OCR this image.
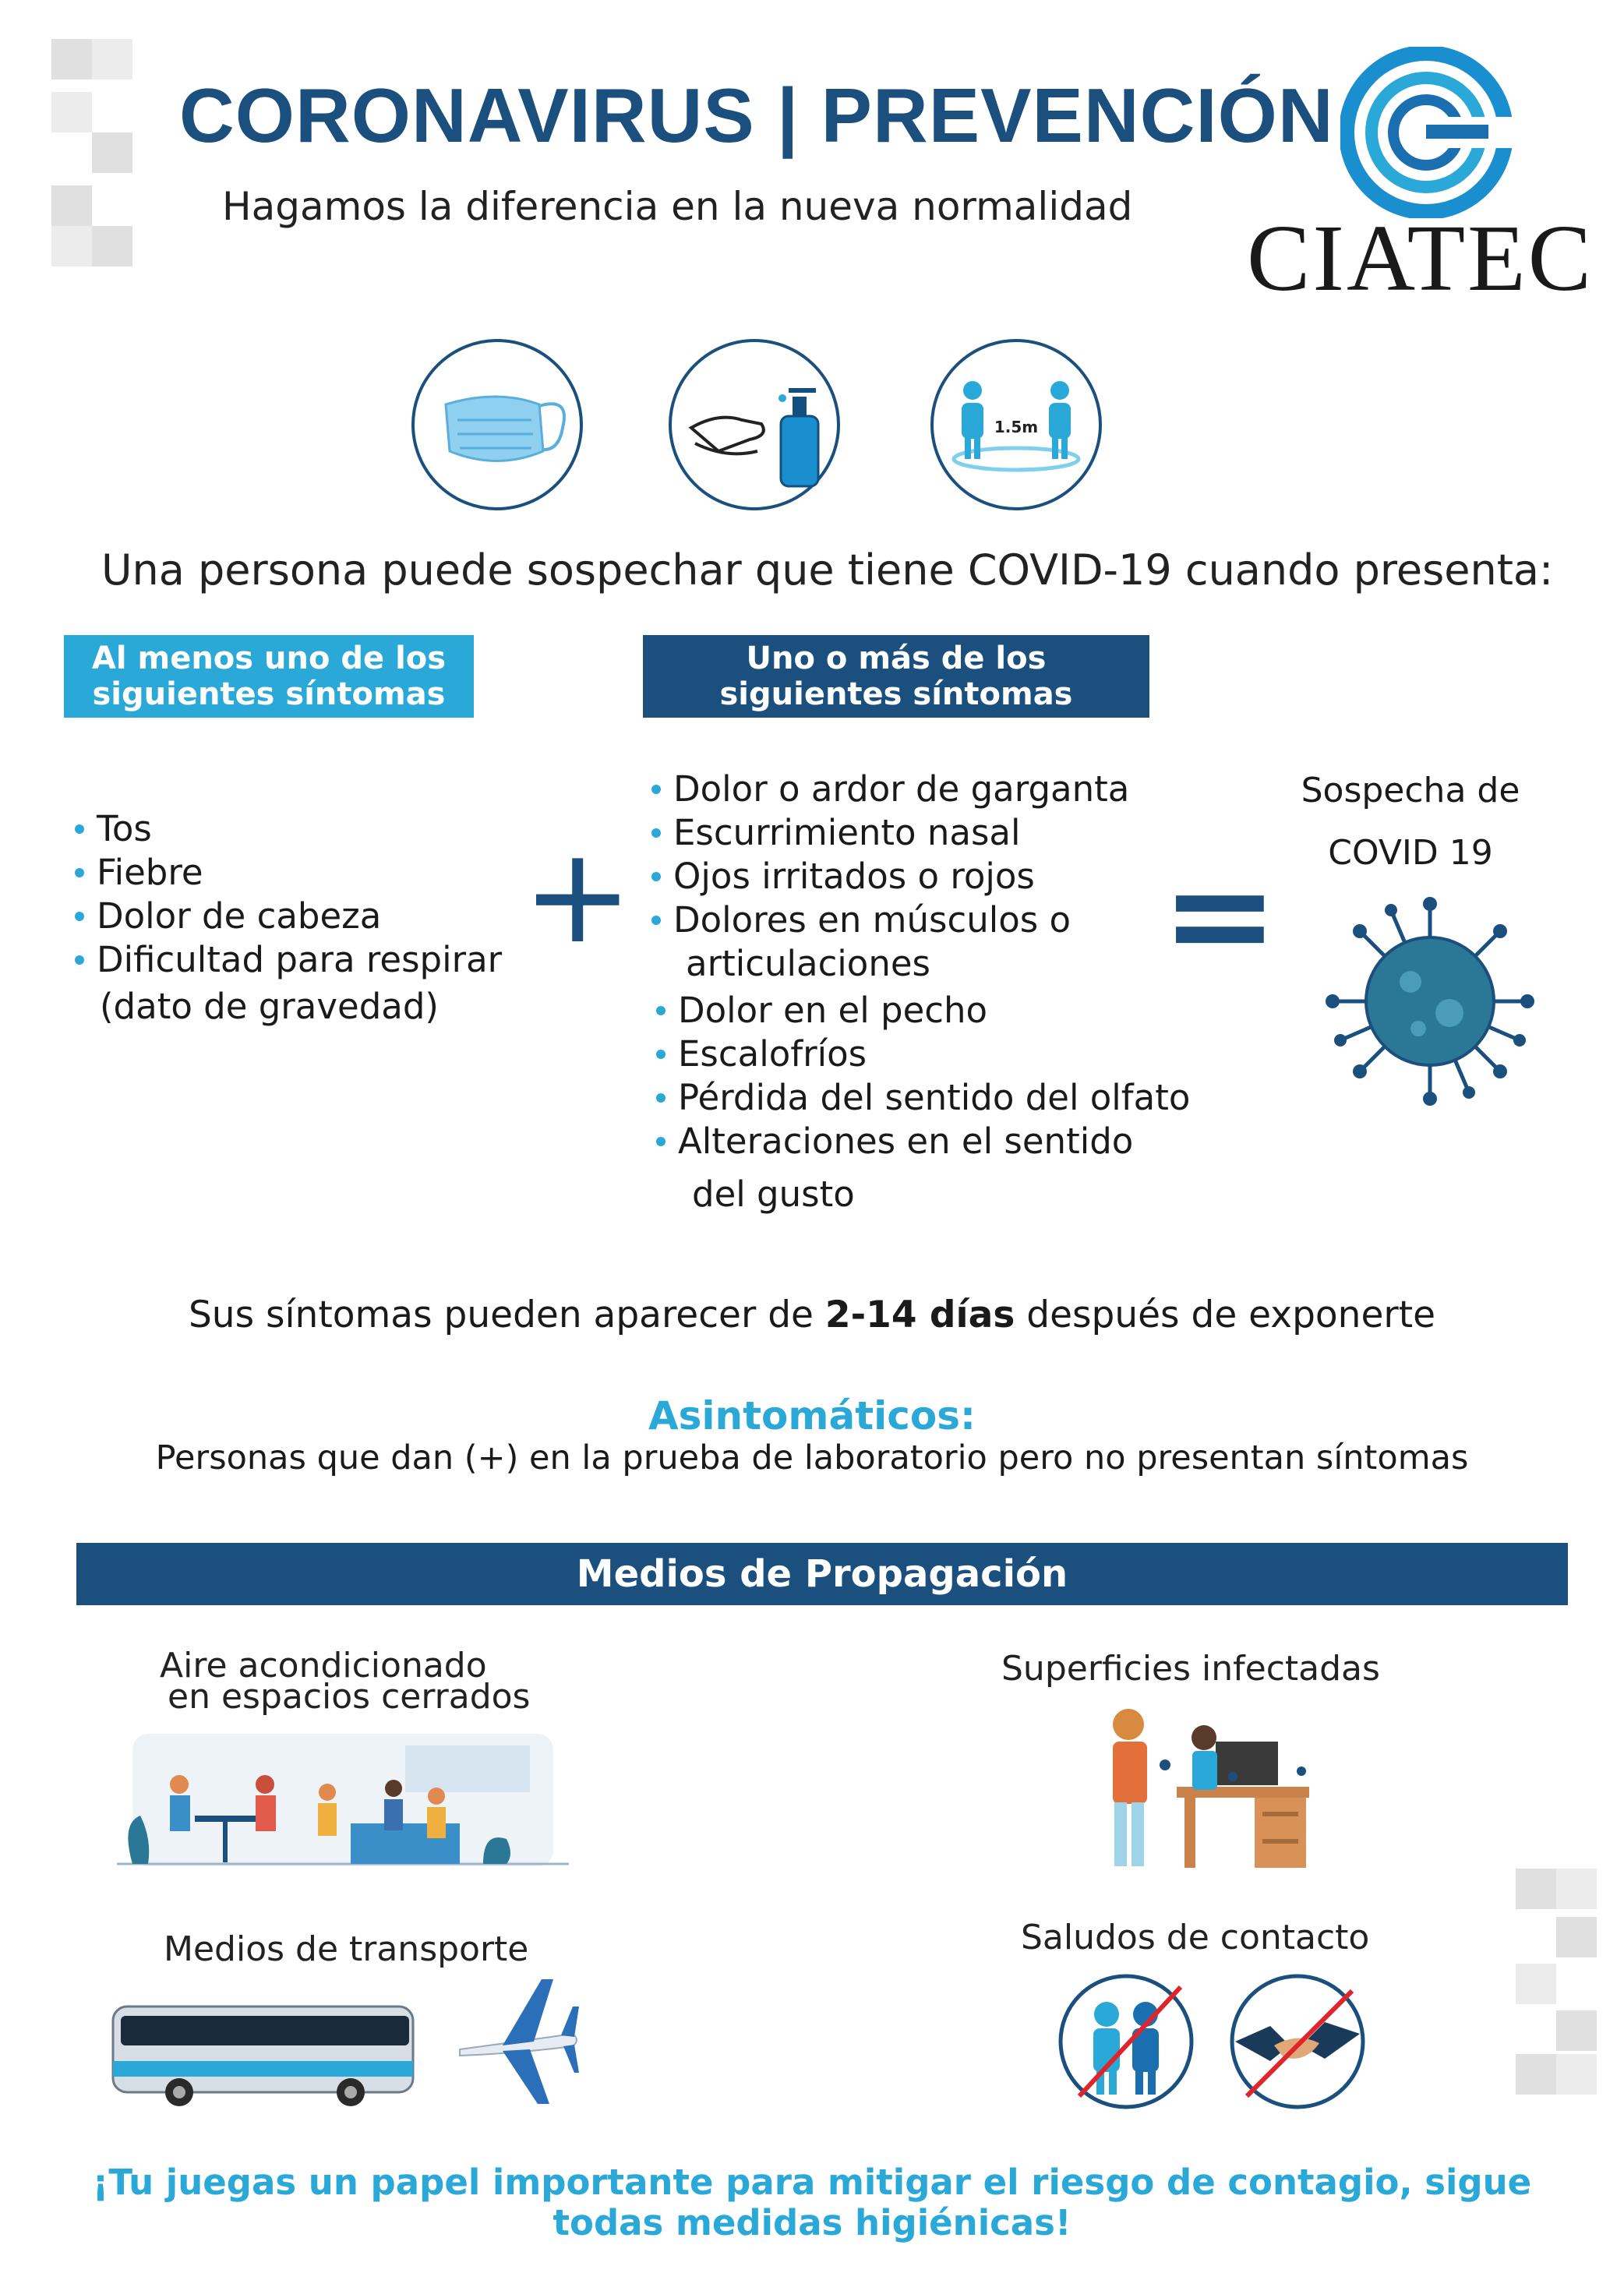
CORONAVIRUS | PREVENCIÓN
Hagamos la diferencia en la nueva normalidad CIATEC
1.5m
Una persona puede sospechar que tiene COVID-19 cuando presenta:
Al menos uno de los
siguientes síntomas
Uno o más de los
siguientes síntomas
Tos
Fiebre
Dolor de cabeza
Dificultad para respirar
(dato de gravedad)
+
Dolor o ardor de garganta
Escurrimiento nasal
Ojos irritados o rojos
Dolores en músculos o
articulaciones
Dolor en el pecho
Escalofríos
Pérdida del sentido del olfato
Alteraciones en el sentido
del gusto
=
Sospecha de
COVID 19
Sus síntomas pueden aparecer de 2-14 días después de exponerte
Asintomáticos:
Personas que dan (+) en la prueba de laboratorio pero no presentan síntomas
Medios de Propagación
Aire acondicionado
en espacios cerrados
Superficies infectadas
Medios de transporte	Saludos de contacto
¡Tu juegas un papel importante para mitigar el riesgo de contagio, sigue
todas medidas higiénicas!
